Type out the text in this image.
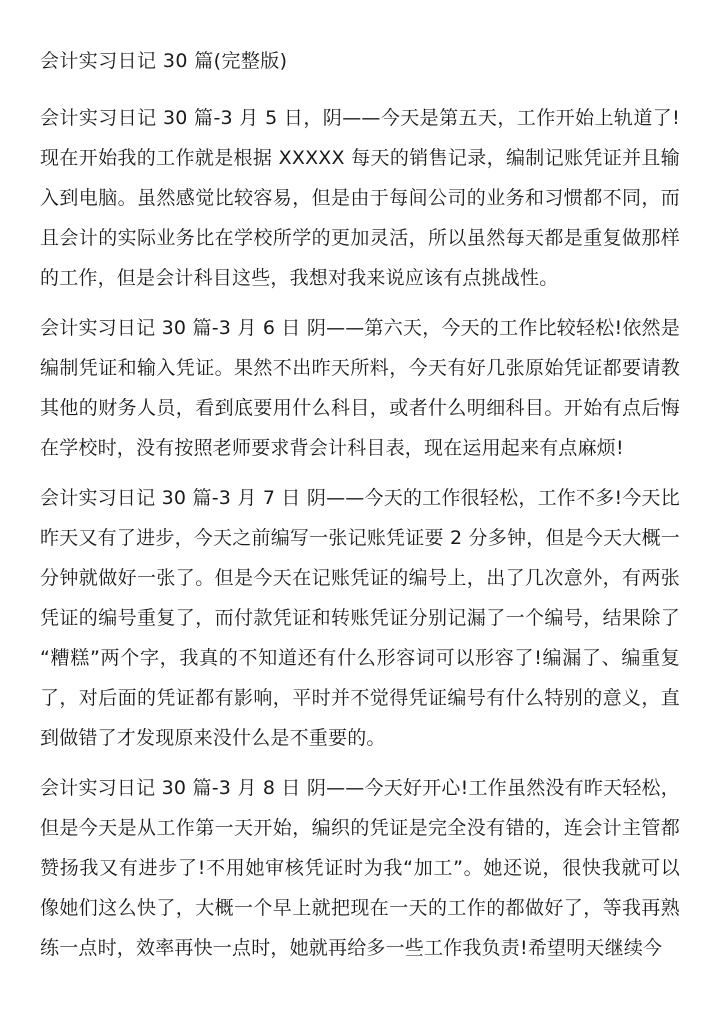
会计实习日记 30 篇(完整版)

会计实习日记 30 篇-3 月 5 日，阴——今天是第五天，工作开始上轨道了!现在开始我的工作就是根据 XXXXX 每天的销售记录，编制记账凭证并且输入到电脑。虽然感觉比较容易，但是由于每间公司的业务和习惯都不同，而且会计的实际业务比在学校所学的更加灵活，所以虽然每天都是重复做那样的工作，但是会计科目这些，我想对我来说应该有点挑战性。

会计实习日记 30 篇-3 月 6 日 阴——第六天，今天的工作比较轻松!依然是编制凭证和输入凭证。果然不出昨天所料，今天有好几张原始凭证都要请教其他的财务人员，看到底要用什么科目，或者什么明细科目。开始有点后悔在学校时，没有按照老师要求背会计科目表，现在运用起来有点麻烦!

会计实习日记 30 篇-3 月 7 日 阴——今天的工作很轻松，工作不多!今天比昨天又有了进步，今天之前编写一张记账凭证要 2 分多钟，但是今天大概一分钟就做好一张了。但是今天在记账凭证的编号上，出了几次意外，有两张凭证的编号重复了，而付款凭证和转账凭证分别记漏了一个编号，结果除了“糟糕”两个字，我真的不知道还有什么形容词可以形容了!编漏了、编重复了，对后面的凭证都有影响，平时并不觉得凭证编号有什么特别的意义，直到做错了才发现原来没什么是不重要的。

会计实习日记 30 篇-3 月 8 日 阴——今天好开心!工作虽然没有昨天轻松，但是今天是从工作第一天开始，编织的凭证是完全没有错的，连会计主管都赞扬我又有进步了!不用她审核凭证时为我“加工”。她还说，很快我就可以像她们这么快了，大概一个早上就把现在一天的工作的都做好了，等我再熟练一点时，效率再快一点时，她就再给多一些工作我负责!希望明天继续今
